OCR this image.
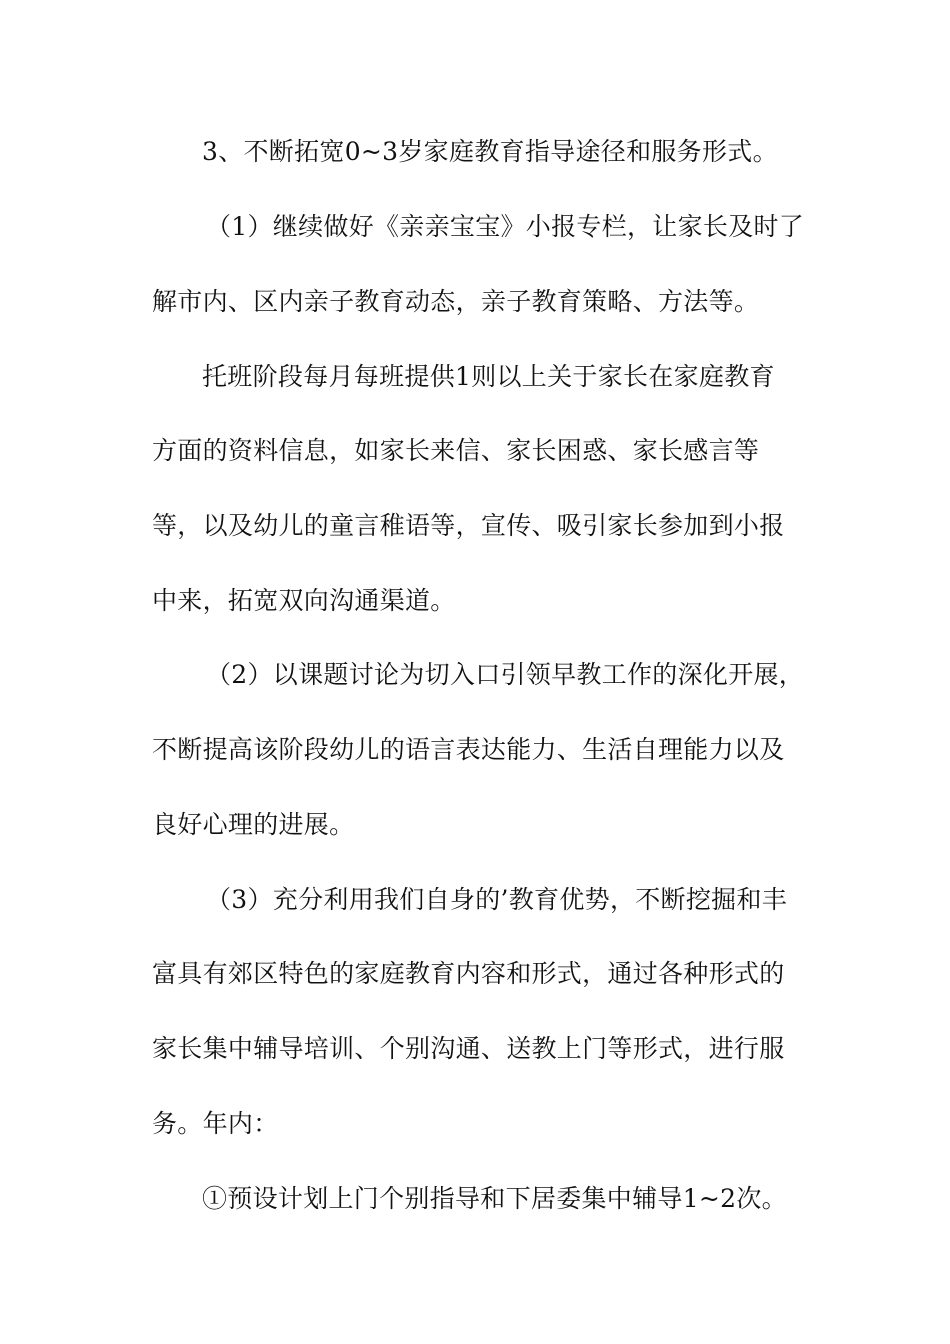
3、不断拓宽0~3岁家庭教育指导途径和服务形式。
（1）继续做好《亲亲宝宝》小报专栏，让家长及时了
解市内、区内亲子教育动态，亲子教育策略、方法等。
托班阶段每月每班提供1则以上关于家长在家庭教育
方面的资料信息，如家长来信、家长困惑、家长感言等
等，以及幼儿的童言稚语等，宣传、吸引家长参加到小报
中来，拓宽双向沟通渠道。
（2）以课题讨论为切入口引领早教工作的深化开展，
不断提高该阶段幼儿的语言表达能力、生活自理能力以及
良好心理的进展。
（3）充分利用我们自身的’教育优势，不断挖掘和丰
富具有郊区特色的家庭教育内容和形式，通过各种形式的
家长集中辅导培训、个别沟通、送教上门等形式，进行服
务。年内：
①预设计划上门个别指导和下居委集中辅导1~2次。
